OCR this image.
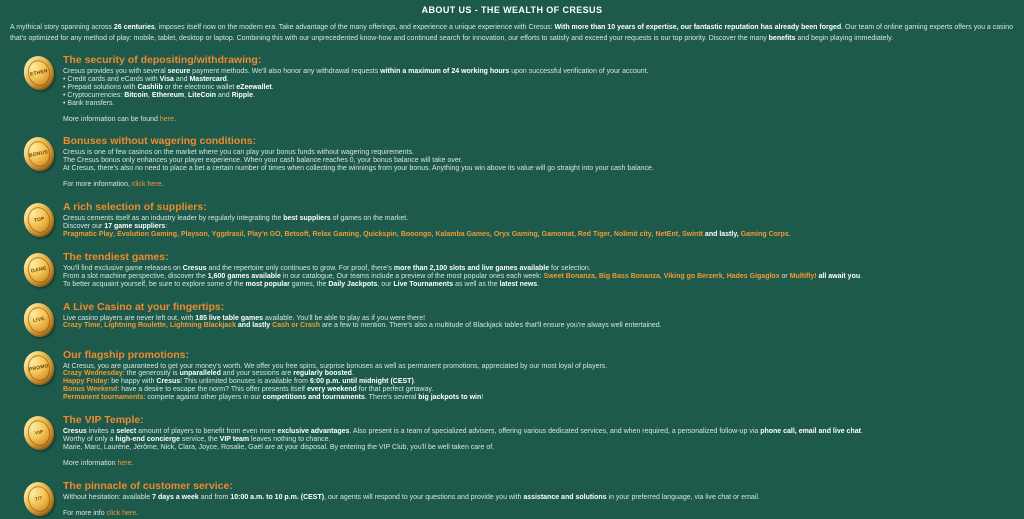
ABOUT US - THE WEALTH OF CRESUS
A mythical story spanning across 26 centuries, imposes itself now on the modern era. Take advantage of the many offerings, and experience a unique experience with Cresus: With more than 10 years of expertise, our fantastic reputation has already been forged. Our team of online gaming experts offers you a casino that's optimized for any method of play: mobile, tablet, desktop or laptop. Combining this with our unprecedented know-how and continued search for innovation, our efforts to satisfy and exceed your requests is our top priority. Discover the many benefits and begin playing immediately.
ETHER
The security of depositing/withdrawing:
Cresus provides you with several secure payment methods. We'll also honor any withdrawal requests within a maximum of 24 working hours upon successful verification of your account.
• Credit cards and eCards with Visa and Mastercard.
• Prepaid solutions with Cashlib or the electronic wallet eZeewallet.
• Cryptocurrencies: Bitcoin, Ethereum, LiteCoin and Ripple.
• Bank transfers.
More information can be found here.
BONUS
Bonuses without wagering conditions:
Cresus is one of few casinos on the market where you can play your bonus funds without wagering requirements.
The Cresus bonus only enhances your player experience. When your cash balance reaches 0, your bonus balance will take over.
At Cresus, there's also no need to place a bet a certain number of times when collecting the winnings from your bonus. Anything you win above its value will go straight into your cash balance.
For more information, click here.
TOP
A rich selection of suppliers:
Cresus cements itself as an industry leader by regularly integrating the best suppliers of games on the market.
Discover our 17 game suppliers:
Pragmatic Play, Evolution Gaming, Playson, Yggdrasil, Play'n GO, Betsoft, Relax Gaming, Quickspin, Booongo, Kalamba Games, Oryx Gaming, Gamomat, Red Tiger, Nolimit city, NetEnt, Swintt and lastly, Gaming Corps.
GAME
The trendiest games:
You'll find exclusive game releases on Cresus and the repertoire only continues to grow. For proof, there's more than 2,100 slots and live games available for selection.
From a slot machine perspective, discover the 1,600 games available in our catalogue, Our teams include a preview of the most popular ones each week: Sweet Bonanza, Big Bass Bonanza, Viking go Berzerk, Hades Gigaglox or Multifly! all await you.
To better acquaint yourself, be sure to explore some of the most popular games, the Daily Jackpots, our Live Tournaments as well as the latest news.
LIVE
A Live Casino at your fingertips:
Live casino players are never left out, with 185 live table games available. You'll be able to play as if you were there!
Crazy Time, Lightning Roulette, Lightning Blackjack and lastly Cash or Crash are a few to mention. There's also a multitude of Blackjack tables that'll ensure you're always well entertained.
PROMO
Our flagship promotions:
At Cresus, you are guaranteed to get your money's worth. We offer you free spins, surprise bonuses as well as permanent promotions, appreciated by our most loyal of players.
Crazy Wednesday: the generosity is unparalleled and your sessions are regularly boosted.
Happy Friday: be happy with Cresus! This unlimited bonuses is available from 6:00 p.m. until midnight (CEST).
Bonus Weekend: have a desire to escape the norm? This offer presents itself every weekend for that perfect getaway.
Permanent tournaments: compete against other players in our competitions and tournaments. There's several big jackpots to win!
VIP
The VIP Temple:
Cresus invites a select amount of players to benefit from even more exclusive advantages. Also present is a team of specialized advisers, offering various dedicated services, and when required, a personalized follow-up via phone call, email and live chat.
Worthy of only a high-end concierge service, the VIP team leaves nothing to chance.
Marie, Marc, Laurène, Jérôme, Nick, Clara, Joyce, Rosalie, Gaël are at your disposal. By entering the VIP Club, you'll be well taken care of.
More information here.
7/7
The pinnacle of customer service:
Without hesitation: available 7 days a week and from 10:00 a.m. to 10 p.m. (CEST), our agents will respond to your questions and provide you with assistance and solutions in your preferred language, via live chat or email.
For more info click here.
